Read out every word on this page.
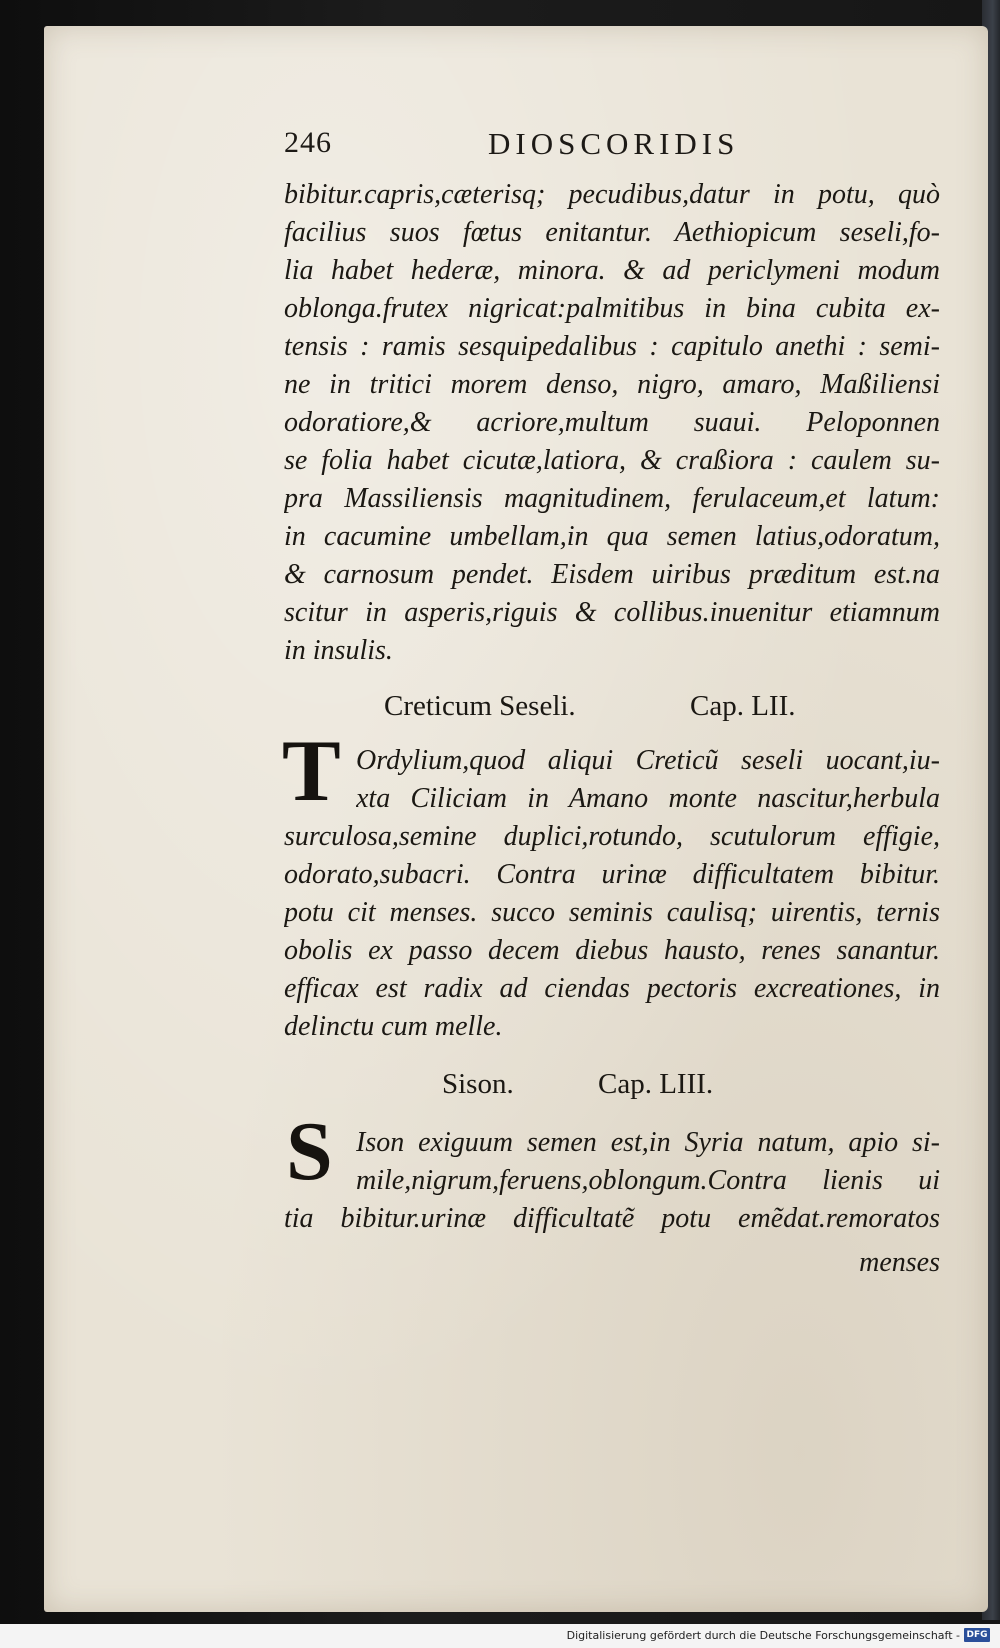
246	DIOSCORIDIS
bibitur.capris,cæterisq; pecudibus,datur in potu, quò
facilius suos fœtus enitantur. Aethiopicum seseli,fo-
lia habet hederæ, minora. & ad periclymeni modum
oblonga.frutex nigricat:palmitibus in bina cubita ex-
tensis : ramis sesquipedalibus : capitulo anethi : semi-
ne in tritici morem denso, nigro, amaro, Maßiliensi
odoratiore,& acriore,multum suaui. Peloponnen
se folia habet cicutæ,latiora, & craßiora : caulem su-
pra Massiliensis magnitudinem, ferulaceum,et latum:
in cacumine umbellam,in qua semen latius,odoratum,
& carnosum pendet. Eisdem uiribus præditum est.na
scitur in asperis,riguis & collibus.inuenitur etiamnum
in insulis.
Creticum Seseli.	Cap. LII.
T Ordylium,quod aliqui Creticũ seseli uocant,iu-
xta Ciliciam in Amano monte nascitur,herbula
surculosa,semine duplici,rotundo, scutulorum effigie,
odorato,subacri. Contra urinæ difficultatem bibitur.
potu cit menses. succo seminis caulisq; uirentis, ternis
obolis ex passo decem diebus hausto, renes sanantur.
efficax est radix ad ciendas pectoris excreationes, in
delinctu cum melle.
Sison.	Cap. LIII.
S Ison exiguum semen est,in Syria natum, apio si-
mile,nigrum,feruens,oblongum.Contra lienis ui
tia bibitur.urinæ difficultatẽ potu emẽdat.remoratos
menses
Digitalisierung gefördert durch die Deutsche Forschungsgemeinschaft - DFG
